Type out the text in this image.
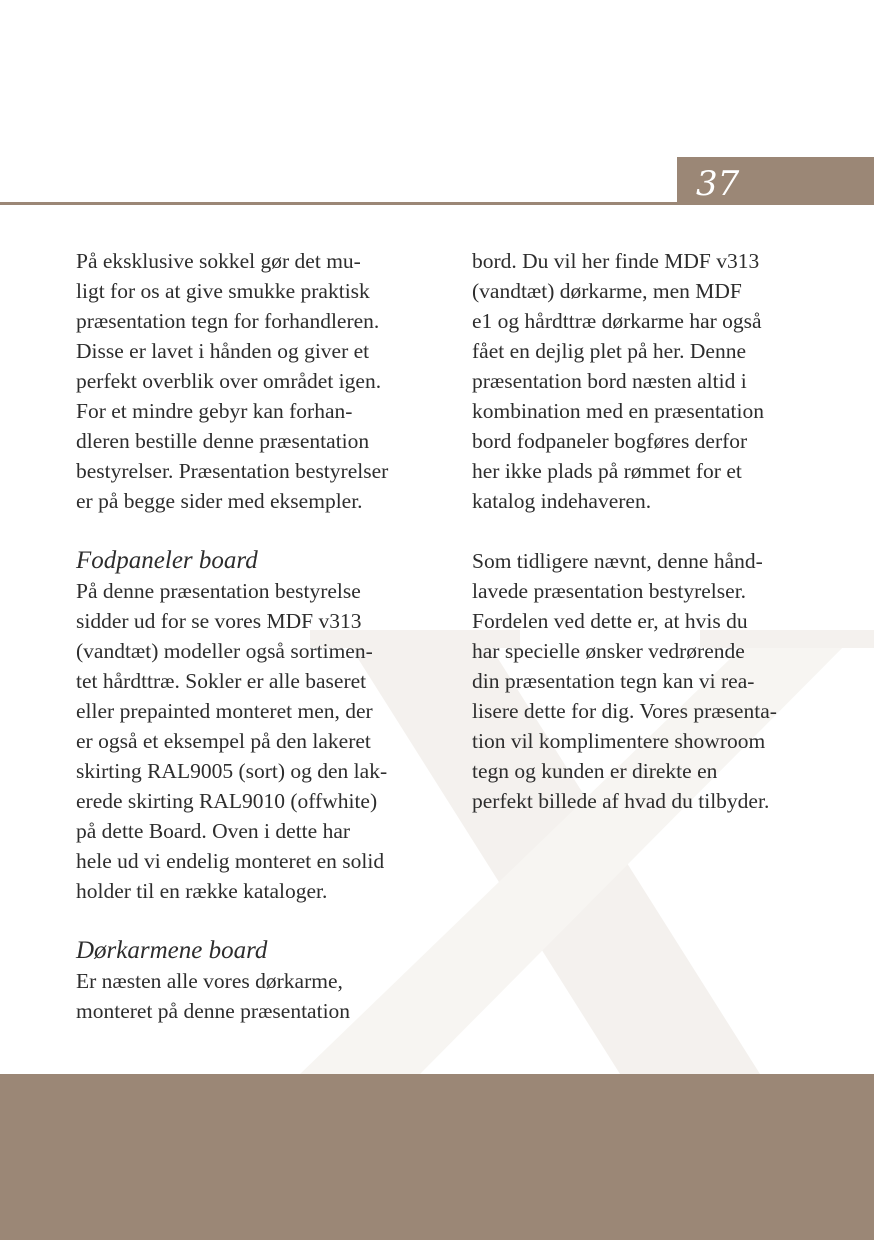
37
På eksklusive sokkel gør det mu-
ligt for os at give smukke praktisk
præsentation tegn for forhandleren.
Disse er lavet i hånden og giver et
perfekt overblik over området igen.
For et mindre gebyr kan forhan-
dleren bestille denne præsentation
bestyrelser. Præsentation bestyrelser
er på begge sider med eksempler.
Fodpaneler board
På denne præsentation bestyrelse
sidder ud for se vores MDF v313
(vandtæt) modeller også sortimen-
tet hårdttræ. Sokler er alle baseret
eller prepainted monteret men, der
er også et eksempel på den lakeret
skirting RAL9005 (sort) og den lak-
erede skirting RAL9010 (offwhite)
på dette Board. Oven i dette har
hele ud vi endelig monteret en solid
holder til en række kataloger.
Dørkarmene board
Er næsten alle vores dørkarme,
monteret på denne præsentation
bord. Du vil her finde MDF v313
(vandtæt) dørkarme, men MDF
e1 og hårdttræ dørkarme har også
fået en dejlig plet på her. Denne
præsentation bord næsten altid i
kombination med en præsentation
bord fodpaneler bogføres derfor
her ikke plads på rømmet for et
katalog indehaveren.
Som tidligere nævnt, denne hånd-
lavede præsentation bestyrelser.
Fordelen ved dette er, at hvis du
har specielle ønsker vedrørende
din præsentation tegn kan vi rea-
lisere dette for dig. Vores præsenta-
tion vil komplimentere showroom
tegn og kunden er direkte en
perfekt billede af hvad du tilbyder.
